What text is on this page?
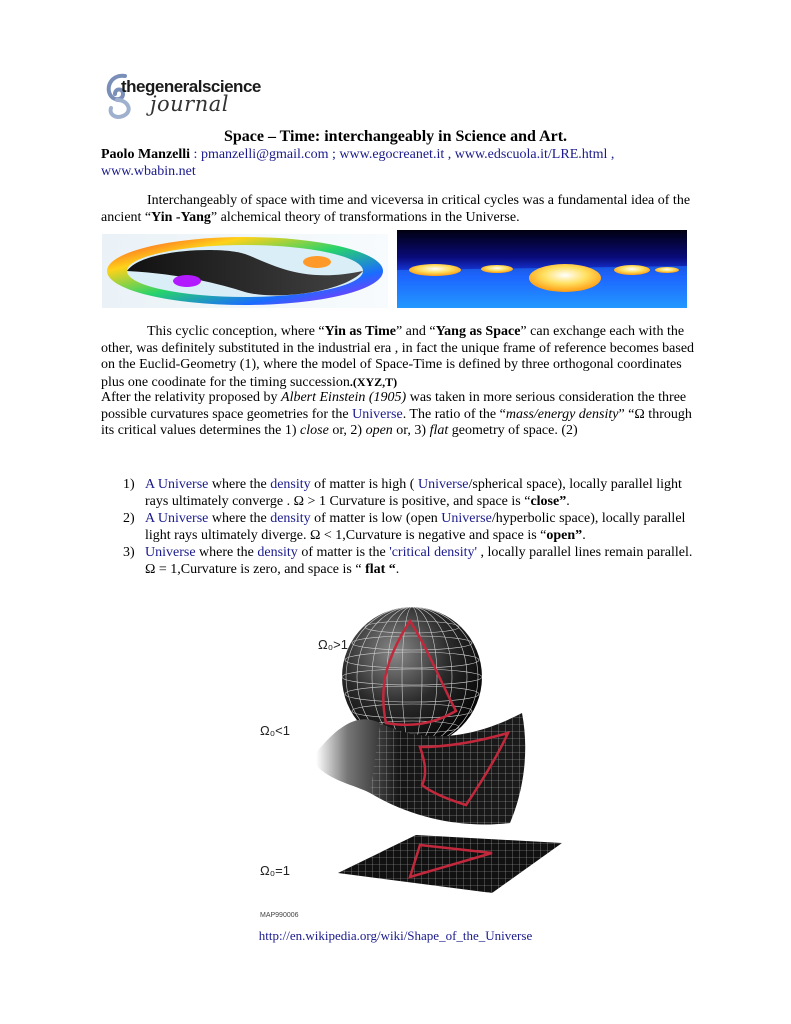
thegeneralscience
journal
Space – Time: interchangeably in Science and Art.
Paolo Manzelli : pmanzelli@gmail.com ; www.egocreanet.it , www.edscuola.it/LRE.html ,
www.wbabin.net

Interchangeably of space with time and viceversa in critical cycles was a fundamental idea of the ancient “Yin -Yang” alchemical theory of transformations in the Universe.

This cyclic conception, where “Yin as Time” and “Yang as Space” can exchange each with the other, was definitely substituted in the industrial era , in fact the unique frame of reference becomes based on the Euclid-Geometry (1), where the model of Space-Time is defined by three orthogonal coordinates plus one coodinate for the timing succession.(XYZ,T)

After the relativity proposed by Albert Einstein (1905) was taken in more serious consideration the three possible curvatures space geometries for the Universe. The ratio of the “mass/energy density” “Ω through its critical values determines the 1) close or, 2) open or, 3) flat geometry of space. (2)

1) A Universe where the density of matter is high ( Universe/spherical space), locally parallel light rays ultimately converge . Ω > 1 Curvature is positive, and space is “close”.
2) A Universe where the density of matter is low (open Universe/hyperbolic space), locally parallel light rays ultimately diverge. Ω < 1,Curvature is negative and space is “open”.
3) Universe where the density of matter is the 'critical density' , locally parallel lines remain parallel. Ω = 1,Curvature is zero, and space is “ flat “.
Ω₀>1
Ω₀<1
Ω₀=1
MAP990006
http://en.wikipedia.org/wiki/Shape_of_the_Universe
